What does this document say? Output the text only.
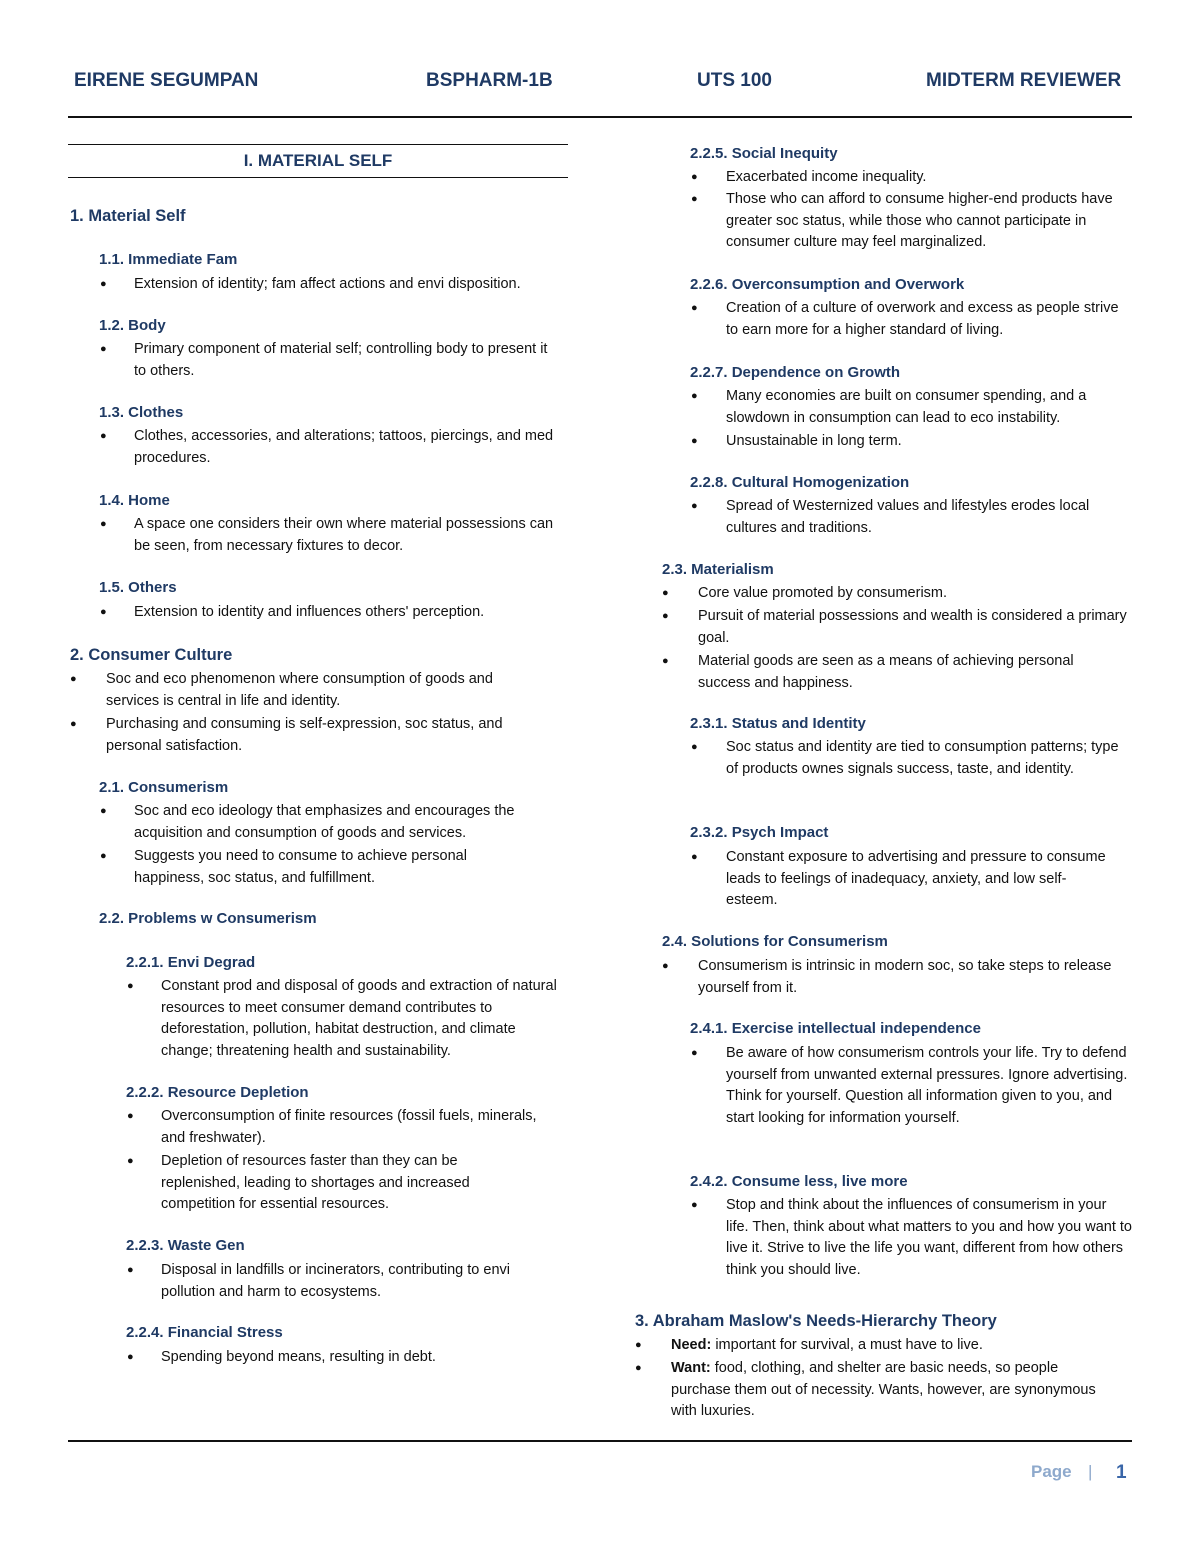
EIRENE SEGUMPAN	BSPHARM-1B	UTS 100	MIDTERM REVIEWER
I. MATERIAL SELF
1. Material Self
1.1. Immediate Fam
● Extension of identity; fam affect actions and envi disposition.
1.2. Body
● Primary component of material self; controlling body to present it to others.
1.3. Clothes
● Clothes, accessories, and alterations; tattoos, piercings, and med procedures.
1.4. Home
● A space one considers their own where material possessions can be seen, from necessary fixtures to decor.
1.5. Others
● Extension to identity and influences others' perception.
2. Consumer Culture
● Soc and eco phenomenon where consumption of goods and services is central in life and identity.
● Purchasing and consuming is self-expression, soc status, and personal satisfaction.
2.1. Consumerism
● Soc and eco ideology that emphasizes and encourages the acquisition and consumption of goods and services.
● Suggests you need to consume to achieve personal happiness, soc status, and fulfillment.
2.2. Problems w Consumerism
2.2.1. Envi Degrad
● Constant prod and disposal of goods and extraction of natural resources to meet consumer demand contributes to deforestation, pollution, habitat destruction, and climate change; threatening health and sustainability.
2.2.2. Resource Depletion
● Overconsumption of finite resources (fossil fuels, minerals, and freshwater).
● Depletion of resources faster than they can be replenished, leading to shortages and increased competition for essential resources.
2.2.3. Waste Gen
● Disposal in landfills or incinerators, contributing to envi pollution and harm to ecosystems.
2.2.4. Financial Stress
● Spending beyond means, resulting in debt.
2.2.5. Social Inequity
● Exacerbated income inequality.
● Those who can afford to consume higher-end products have greater soc status, while those who cannot participate in consumer culture may feel marginalized.
2.2.6. Overconsumption and Overwork
● Creation of a culture of overwork and excess as people strive to earn more for a higher standard of living.
2.2.7. Dependence on Growth
● Many economies are built on consumer spending, and a slowdown in consumption can lead to eco instability.
● Unsustainable in long term.
2.2.8. Cultural Homogenization
● Spread of Westernized values and lifestyles erodes local cultures and traditions.
2.3. Materialism
● Core value promoted by consumerism.
● Pursuit of material possessions and wealth is considered a primary goal.
● Material goods are seen as a means of achieving personal success and happiness.
2.3.1. Status and Identity
● Soc status and identity are tied to consumption patterns; type of products ownes signals success, taste, and identity.
2.3.2. Psych Impact
● Constant exposure to advertising and pressure to consume leads to feelings of inadequacy, anxiety, and low self-esteem.
2.4. Solutions for Consumerism
● Consumerism is intrinsic in modern soc, so take steps to release yourself from it.
2.4.1. Exercise intellectual independence
● Be aware of how consumerism controls your life. Try to defend yourself from unwanted external pressures. Ignore advertising. Think for yourself. Question all information given to you, and start looking for information yourself.
2.4.2. Consume less, live more
● Stop and think about the influences of consumerism in your life. Then, think about what matters to you and how you want to live it. Strive to live the life you want, different from how others think you should live.
3. Abraham Maslow's Needs-Hierarchy Theory
● Need: important for survival, a must have to live.
● Want: food, clothing, and shelter are basic needs, so people purchase them out of necessity. Wants, however, are synonymous with luxuries.
Page | 1
